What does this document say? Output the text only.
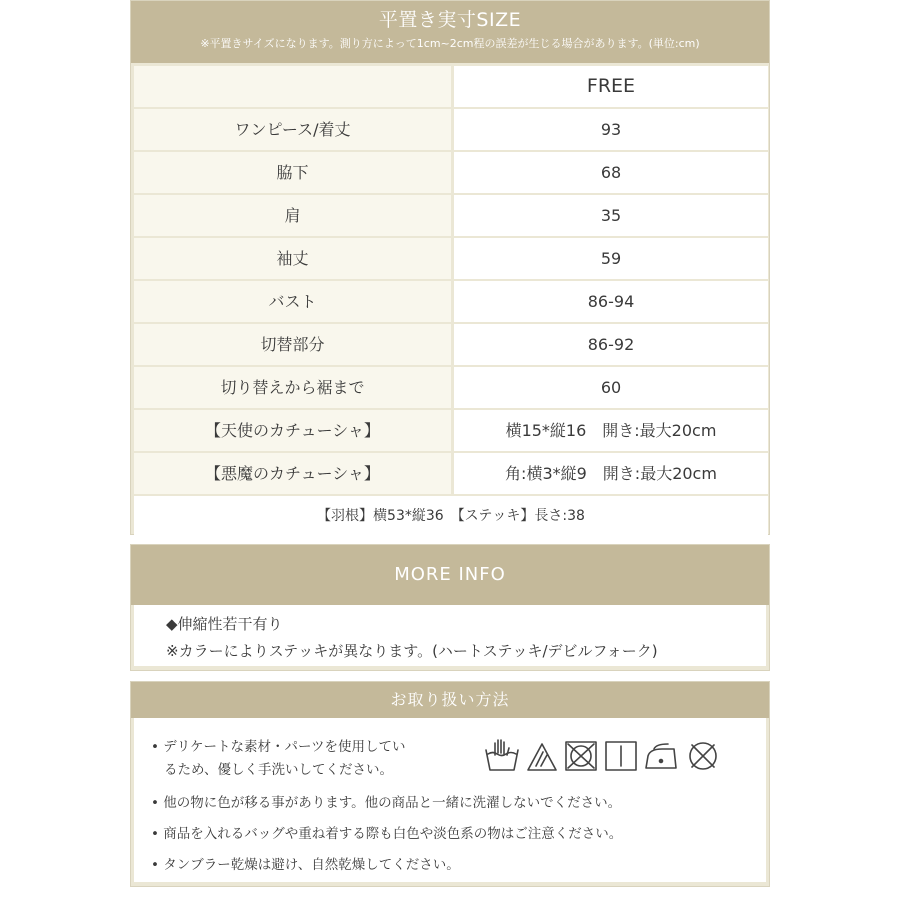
平置き実寸SIZE
※平置きサイズになります。測り方によって1cm~2cm程の誤差が生じる場合があります。(単位:cm)
FREE
ワンピース/着丈	93
脇下	68
肩	35
袖丈	59
バスト	86-94
切替部分	86-92
切り替えから裾まで	60
【天使のカチューシャ】	横15*縦16　開き:最大20cm
【悪魔のカチューシャ】	角:横3*縦9　開き:最大20cm
【羽根】横53*縦36　【ステッキ】長さ:38
MORE INFO
◆伸縮性若干有り
※カラーによりステッキが異なります。(ハートステッキ/デビルフォーク)
お取り扱い方法
• デリケートな素材・パーツを使用してい
るため、優しく手洗いしてください。
• 他の物に色が移る事があります。他の商品と一緒に洗濯しないでください。
• 商品を入れるバッグや重ね着する際も白色や淡色系の物はご注意ください。
• タンブラー乾燥は避け、自然乾燥してください。
